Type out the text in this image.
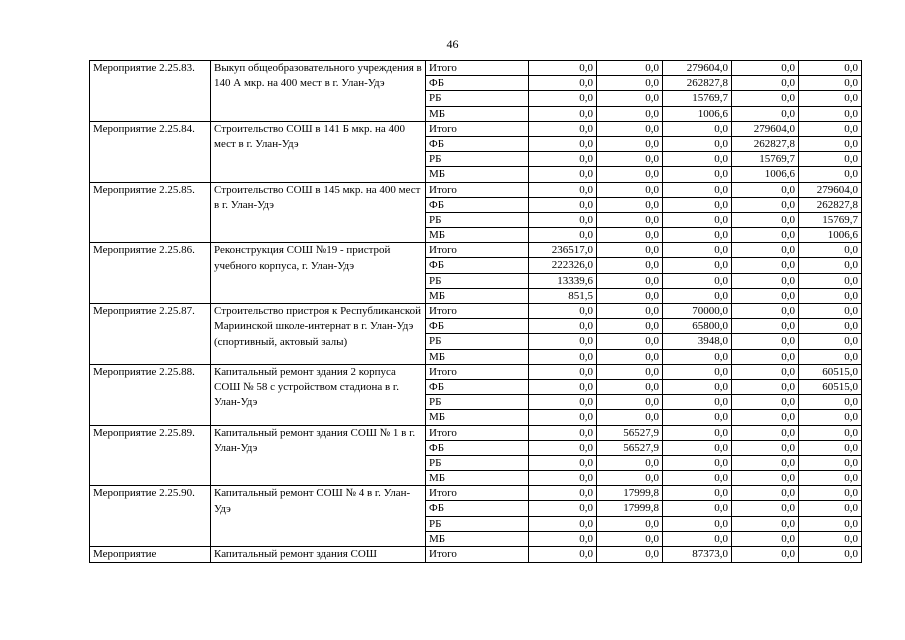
46
Мероприятие 2.25.83.	Выкуп общеобразовательного учреждения в 140 А мкр. на 400 мест в г. Улан-Удэ	Итого	0,0	0,0	279604,0	0,0	0,0
		ФБ	0,0	0,0	262827,8	0,0	0,0
		РБ	0,0	0,0	15769,7	0,0	0,0
		МБ	0,0	0,0	1006,6	0,0	0,0
Мероприятие 2.25.84.	Строительство СОШ в 141 Б мкр. на 400 мест в г. Улан-Удэ	Итого	0,0	0,0	0,0	279604,0	0,0
		ФБ	0,0	0,0	0,0	262827,8	0,0
		РБ	0,0	0,0	0,0	15769,7	0,0
		МБ	0,0	0,0	0,0	1006,6	0,0
Мероприятие 2.25.85.	Строительство СОШ в 145 мкр. на 400 мест в г. Улан-Удэ	Итого	0,0	0,0	0,0	0,0	279604,0
		ФБ	0,0	0,0	0,0	0,0	262827,8
		РБ	0,0	0,0	0,0	0,0	15769,7
		МБ	0,0	0,0	0,0	0,0	1006,6
Мероприятие 2.25.86.	Реконструкция СОШ №19 - пристрой учебного корпуса, г. Улан-Удэ	Итого	236517,0	0,0	0,0	0,0	0,0
		ФБ	222326,0	0,0	0,0	0,0	0,0
		РБ	13339,6	0,0	0,0	0,0	0,0
		МБ	851,5	0,0	0,0	0,0	0,0
Мероприятие 2.25.87.	Строительство пристроя к Республиканской Мариинской школе-интернат в г. Улан-Удэ (спортивный, актовый залы)	Итого	0,0	0,0	70000,0	0,0	0,0
		ФБ	0,0	0,0	65800,0	0,0	0,0
		РБ	0,0	0,0	3948,0	0,0	0,0
		МБ	0,0	0,0	0,0	0,0	0,0
Мероприятие 2.25.88.	Капитальный ремонт здания 2 корпуса СОШ № 58 с устройством стадиона в г. Улан-Удэ	Итого	0,0	0,0	0,0	0,0	60515,0
		ФБ	0,0	0,0	0,0	0,0	60515,0
		РБ	0,0	0,0	0,0	0,0	0,0
		МБ	0,0	0,0	0,0	0,0	0,0
Мероприятие 2.25.89.	Капитальный ремонт здания СОШ № 1 в г. Улан-Удэ	Итого	0,0	56527,9	0,0	0,0	0,0
		ФБ	0,0	56527,9	0,0	0,0	0,0
		РБ	0,0	0,0	0,0	0,0	0,0
		МБ	0,0	0,0	0,0	0,0	0,0
Мероприятие 2.25.90.	Капитальный ремонт СОШ № 4 в г. Улан-Удэ	Итого	0,0	17999,8	0,0	0,0	0,0
		ФБ	0,0	17999,8	0,0	0,0	0,0
		РБ	0,0	0,0	0,0	0,0	0,0
		МБ	0,0	0,0	0,0	0,0	0,0
Мероприятие	Капитальный ремонт здания СОШ	Итого	0,0	0,0	87373,0	0,0	0,0
